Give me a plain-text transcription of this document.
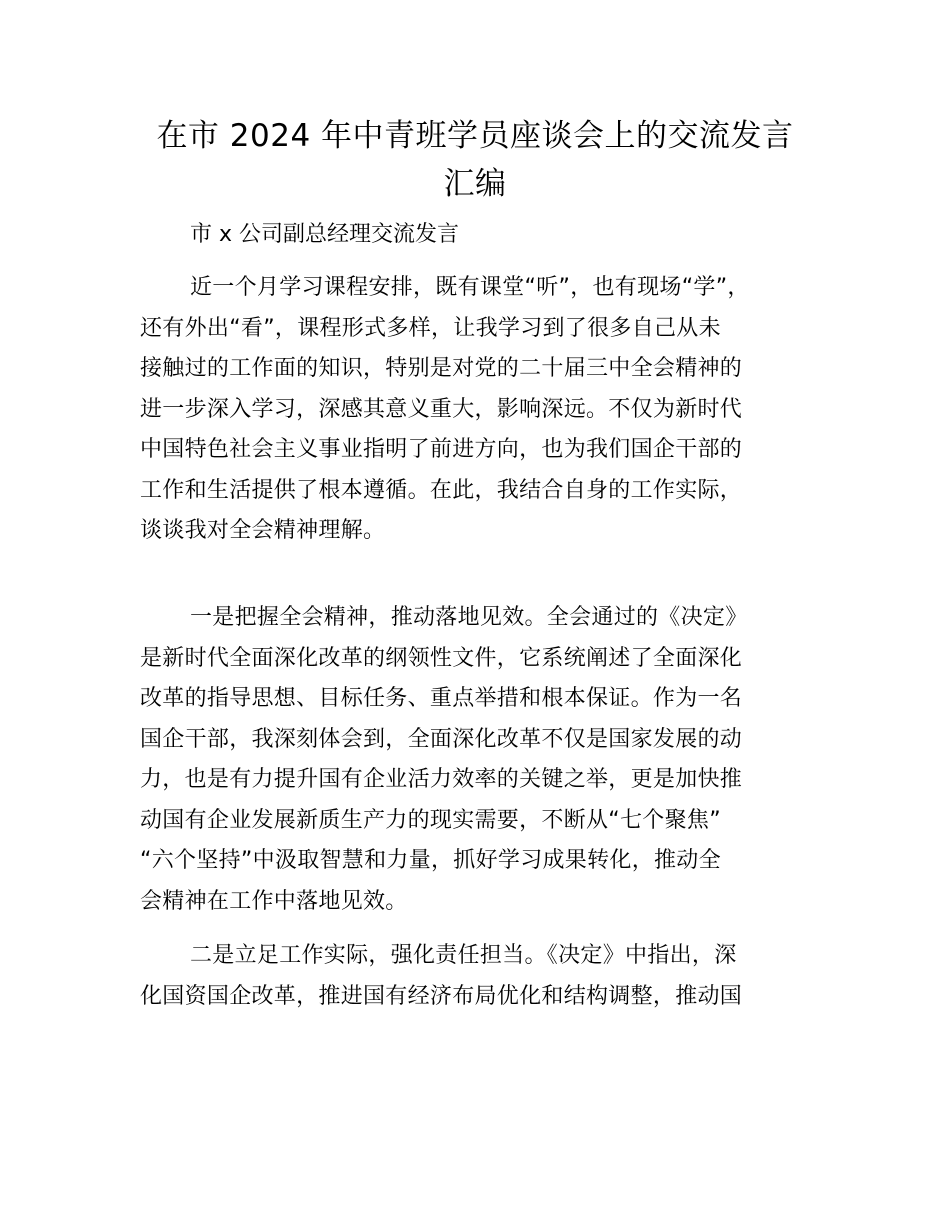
在市 2024 年中青班学员座谈会上的交流发言
汇编
市 x 公司副总经理交流发言
近一个月学习课程安排，既有课堂“听”，也有现场“学”，
还有外出“看”，课程形式多样，让我学习到了很多自己从未
接触过的工作面的知识，特别是对党的二十届三中全会精神的
进一步深入学习，深感其意义重大，影响深远。不仅为新时代
中国特色社会主义事业指明了前进方向，也为我们国企干部的
工作和生活提供了根本遵循。在此，我结合自身的工作实际，
谈谈我对全会精神理解。
一是把握全会精神，推动落地见效。全会通过的《决定》
是新时代全面深化改革的纲领性文件，它系统阐述了全面深化
改革的指导思想、目标任务、重点举措和根本保证。作为一名
国企干部，我深刻体会到，全面深化改革不仅是国家发展的动
力，也是有力提升国有企业活力效率的关键之举，更是加快推
动国有企业发展新质生产力的现实需要，不断从“七个聚焦”
“六个坚持”中汲取智慧和力量，抓好学习成果转化，推动全
会精神在工作中落地见效。
二是立足工作实际，强化责任担当。《决定》中指出，深
化国资国企改革，推进国有经济布局优化和结构调整，推动国
